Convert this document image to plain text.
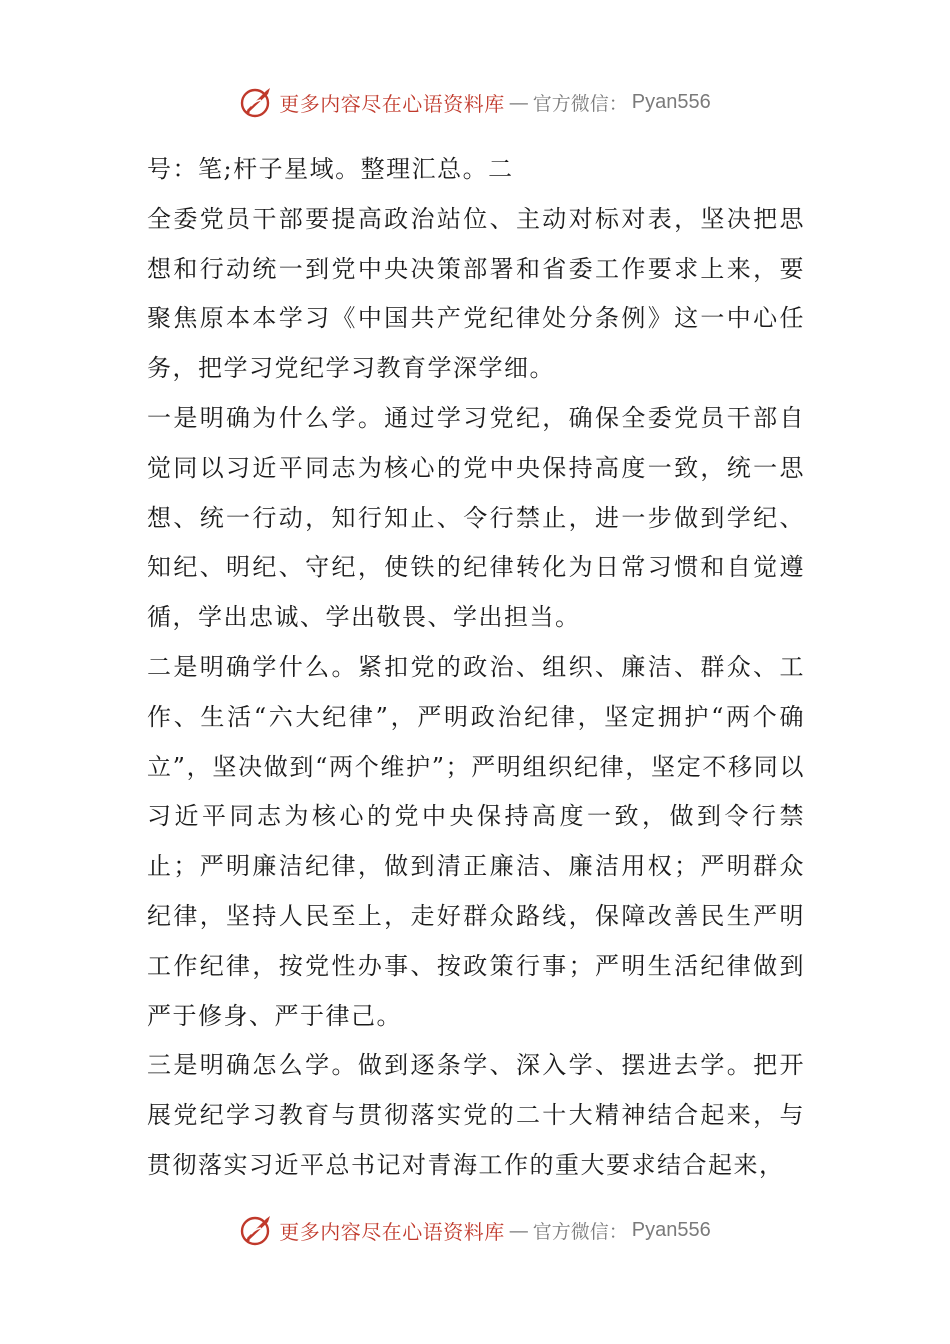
更多内容尽在心语资料库 — 官方微信： Pyan556

号：笔;杆子星域。整理汇总。二

全委党员干部要提高政治站位、主动对标对表，坚决把思想和行动统一到党中央决策部署和省委工作要求上来，要聚焦原本本学习《中国共产党纪律处分条例》这一中心任务，把学习党纪学习教育学深学细。

一是明确为什么学。通过学习党纪，确保全委党员干部自觉同以习近平同志为核心的党中央保持高度一致，统一思想、统一行动，知行知止、令行禁止，进一步做到学纪、知纪、明纪、守纪，使铁的纪律转化为日常习惯和自觉遵循，学出忠诚、学出敬畏、学出担当。

二是明确学什么。紧扣党的政治、组织、廉洁、群众、工作、生活“六大纪律”，严明政治纪律，坚定拥护“两个确立”，坚决做到“两个维护”；严明组织纪律，坚定不移同以习近平同志为核心的党中央保持高度一致，做到令行禁止；严明廉洁纪律，做到清正廉洁、廉洁用权；严明群众纪律，坚持人民至上，走好群众路线，保障改善民生严明工作纪律，按党性办事、按政策行事；严明生活纪律做到严于修身、严于律己。

三是明确怎么学。做到逐条学、深入学、摆进去学。把开展党纪学习教育与贯彻落实党的二十大精神结合起来，与贯彻落实习近平总书记对青海工作的重大要求结合起来，

更多内容尽在心语资料库 — 官方微信： Pyan556
